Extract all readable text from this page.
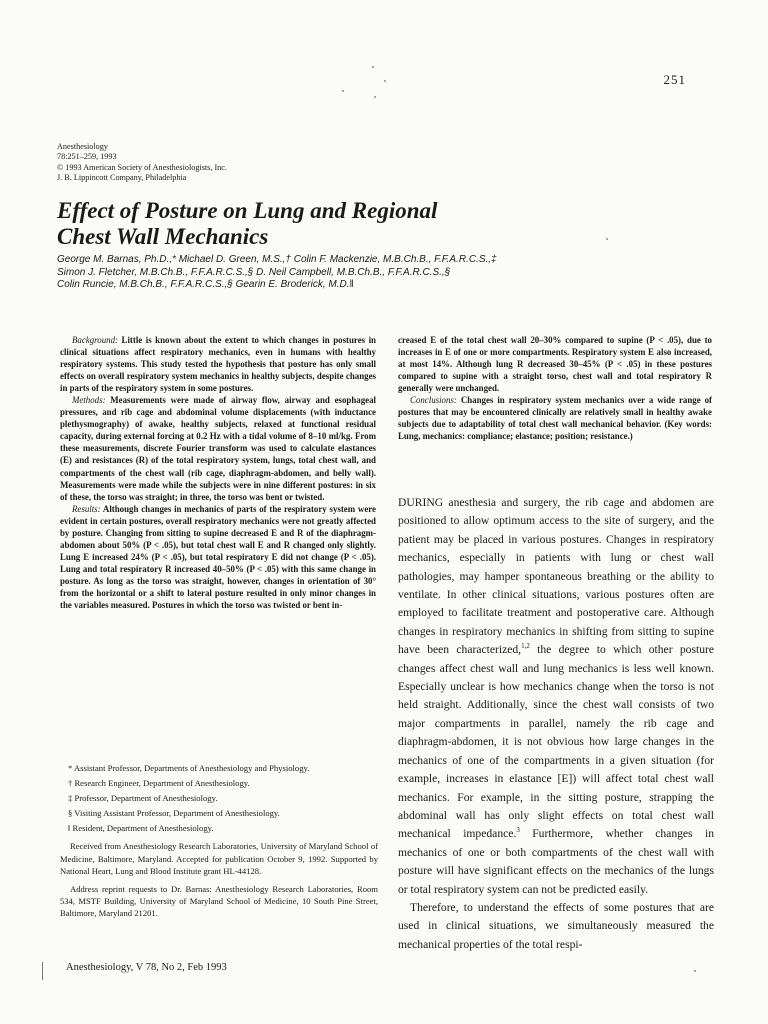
251
Anesthesiology
78:251–259, 1993
© 1993 American Society of Anesthesiologists, Inc.
J. B. Lippincott Company, Philadelphia
Effect of Posture on Lung and Regional
Chest Wall Mechanics
George M. Barnas, Ph.D.,* Michael D. Green, M.S.,† Colin F. Mackenzie, M.B.Ch.B., F.F.A.R.C.S.,‡
Simon J. Fletcher, M.B.Ch.B., F.F.A.R.C.S.,§ D. Neil Campbell, M.B.Ch.B., F.F.A.R.C.S.,§
Colin Runcie, M.B.Ch.B., F.F.A.R.C.S.,§ Gearin E. Broderick, M.D.‖

Background: Little is known about the extent to which changes in postures in clinical situations affect respiratory mechanics, even in humans with healthy respiratory systems. This study tested the hypothesis that posture has only small effects on overall respiratory system mechanics in healthy subjects, despite changes in parts of the respiratory system in some postures.

Methods: Measurements were made of airway flow, airway and esophageal pressures, and rib cage and abdominal volume displacements (with inductance plethysmography) of awake, healthy subjects, relaxed at functional residual capacity, during external forcing at 0.2 Hz with a tidal volume of 8–10 ml/kg. From these measurements, discrete Fourier transform was used to calculate elastances (E) and resistances (R) of the total respiratory system, lungs, total chest wall, and compartments of the chest wall (rib cage, diaphragm-abdomen, and belly wall). Measurements were made while the subjects were in nine different postures: in six of these, the torso was straight; in three, the torso was bent or twisted.

Results: Although changes in mechanics of parts of the respiratory system were evident in certain postures, overall respiratory mechanics were not greatly affected by posture. Changing from sitting to supine decreased E and R of the diaphragm-abdomen about 50% (P < .05), but total chest wall E and R changed only slightly. Lung E increased 24% (P < .05), but total respiratory E did not change (P < .05). Lung and total respiratory R increased 40–50% (P < .05) with this same change in posture. As long as the torso was straight, however, changes in orientation of 30° from the horizontal or a shift to lateral posture resulted in only minor changes in the variables measured. Postures in which the torso was twisted or bent in-

creased E of the total chest wall 20–30% compared to supine (P < .05), due to increases in E of one or more compartments. Respiratory system E also increased, at most 14%. Although lung R decreased 30–45% (P < .05) in these postures compared to supine with a straight torso, chest wall and total respiratory R generally were unchanged.

Conclusions: Changes in respiratory system mechanics over a wide range of postures that may be encountered clinically are relatively small in healthy awake subjects due to adaptability of total chest wall mechanical behavior. (Key words: Lung, mechanics: compliance; elastance; position; resistance.)

* Assistant Professor, Departments of Anesthesiology and Physiology.

† Research Engineer, Department of Anesthesiology.

‡ Professor, Department of Anesthesiology.

§ Visiting Assistant Professor, Department of Anesthesiology.

‖ Resident, Department of Anesthesiology.

Received from Anesthesiology Research Laboratories, University of Maryland School of Medicine, Baltimore, Maryland. Accepted for publication October 9, 1992. Supported by National Heart, Lung and Blood Institute grant HL-44128.

Address reprint requests to Dr. Barnas: Anesthesiology Research Laboratories, Room 534, MSTF Building, University of Maryland School of Medicine, 10 South Pine Street, Baltimore, Maryland 21201.

DURING anesthesia and surgery, the rib cage and abdomen are positioned to allow optimum access to the site of surgery, and the patient may be placed in various postures. Changes in respiratory mechanics, especially in patients with lung or chest wall pathologies, may hamper spontaneous breathing or the ability to ventilate. In other clinical situations, various postures often are employed to facilitate treatment and postoperative care. Although changes in respiratory mechanics in shifting from sitting to supine have been characterized,$^{1,2}$ the degree to which other posture changes affect chest wall and lung mechanics is less well known. Especially unclear is how mechanics change when the torso is not held straight. Additionally, since the chest wall consists of two major compartments in parallel, namely the rib cage and diaphragm-abdomen, it is not obvious how large changes in the mechanics of one of the compartments in a given situation (for example, increases in elastance [E]) will affect total chest wall mechanics. For example, in the sitting posture, strapping the abdominal wall has only slight effects on total chest wall mechanical impedance.$^3$ Furthermore, whether changes in mechanics of one or both compartments of the chest wall with posture will have significant effects on the mechanics of the lungs or total respiratory system can not be predicted easily.

Therefore, to understand the effects of some postures that are used in clinical situations, we simultaneously measured the mechanical properties of the total respi-

Anesthesiology, V 78, No 2, Feb 1993
